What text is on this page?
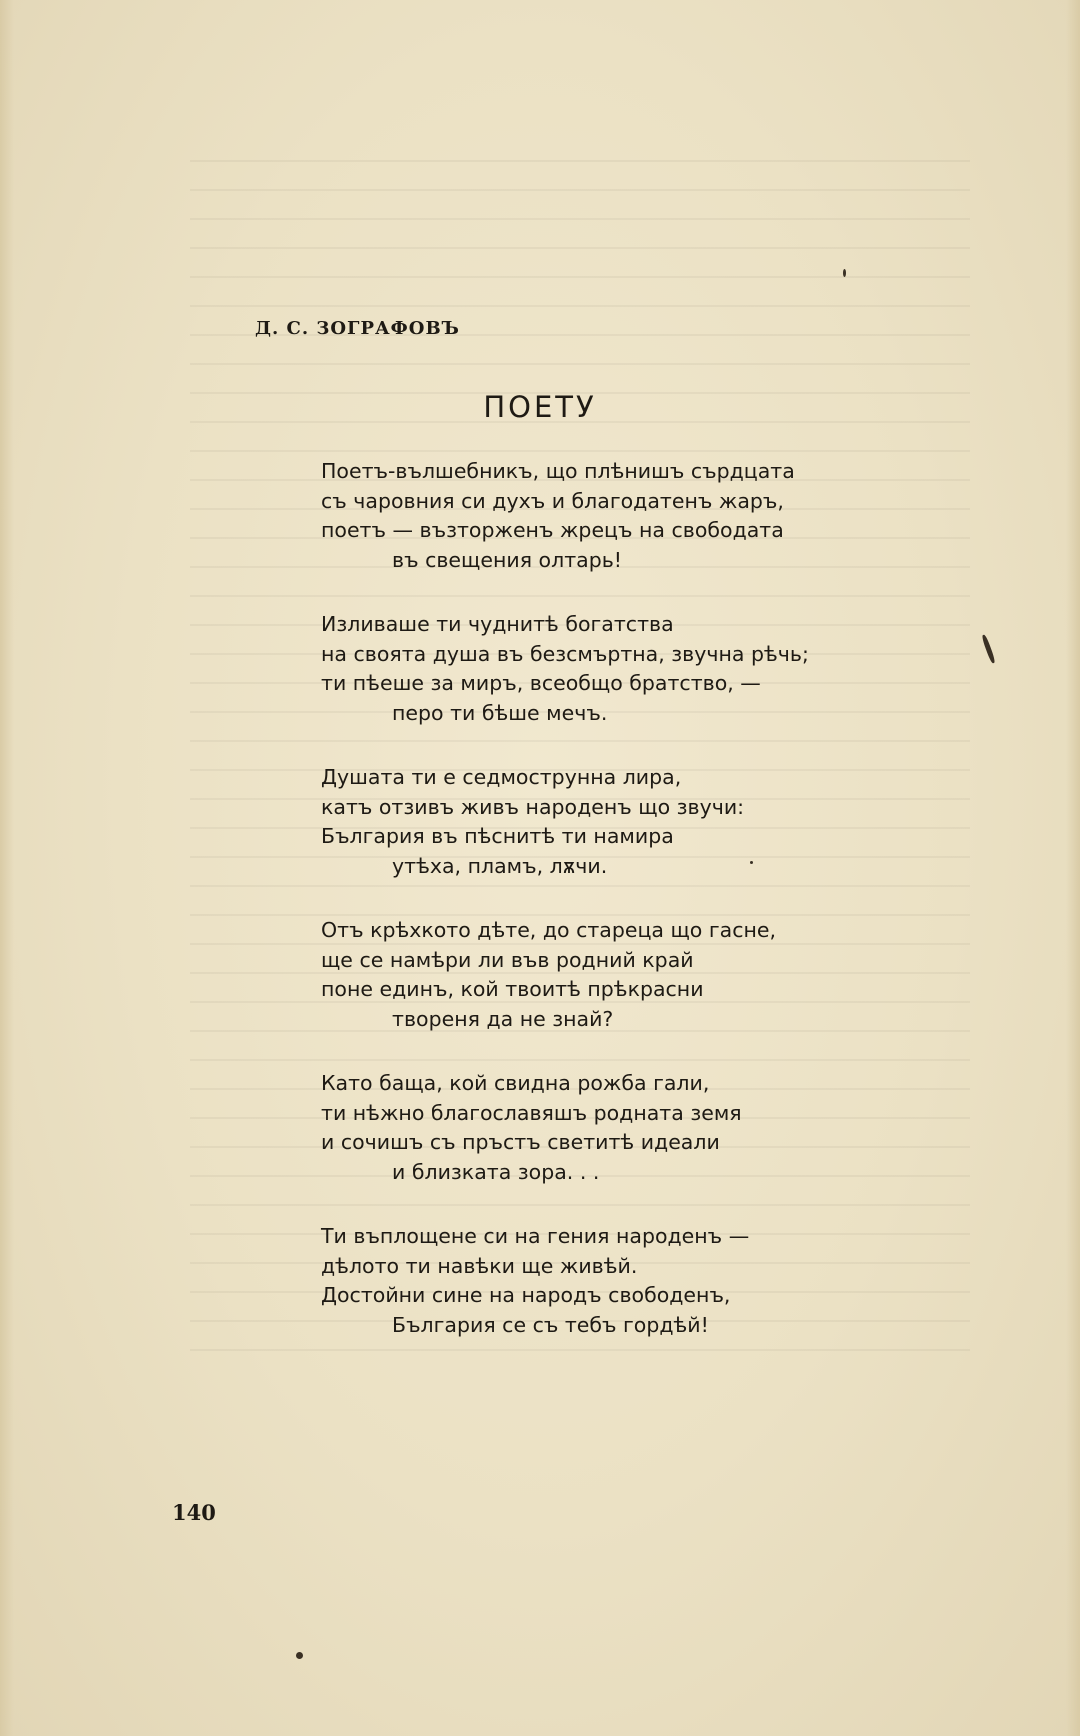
Д. С. ЗОГРАФОВЪ

ПОЕТУ
Поетъ-вълшебникъ, що плѣнишъ сърдцата
съ чаровния си духъ и благодатенъ жаръ,
поетъ — възторженъ жрецъ на свободата
въ свещения олтарь!
Изливаше ти чуднитѣ богатства
на своята душа въ безсмъртна, звучна рѣчь;
ти пѣеше за миръ, всеобщо братство, —
перо ти бѣше мечъ.
Душата ти е седмострунна лира,
катъ отзивъ живъ народенъ що звучи:
България въ пѣснитѣ ти намира
утѣха, пламъ, лѫчи.
Отъ крѣхкото дѣте, до стареца що гасне,
ще се намѣри ли във родний край
поне единъ, кой твоитѣ прѣкрасни
твореня да не знай?
Като баща, кой свидна рожба гали,
ти нѣжно благославяшъ родната земя
и сочишъ съ пръстъ светитѣ идеали
и близката зора. . .
Ти въплощене си на гения народенъ —
дѣлото ти навѣки ще живѣй.
Достойни сине на народъ свободенъ,
България се съ тебъ гордѣй!
140
